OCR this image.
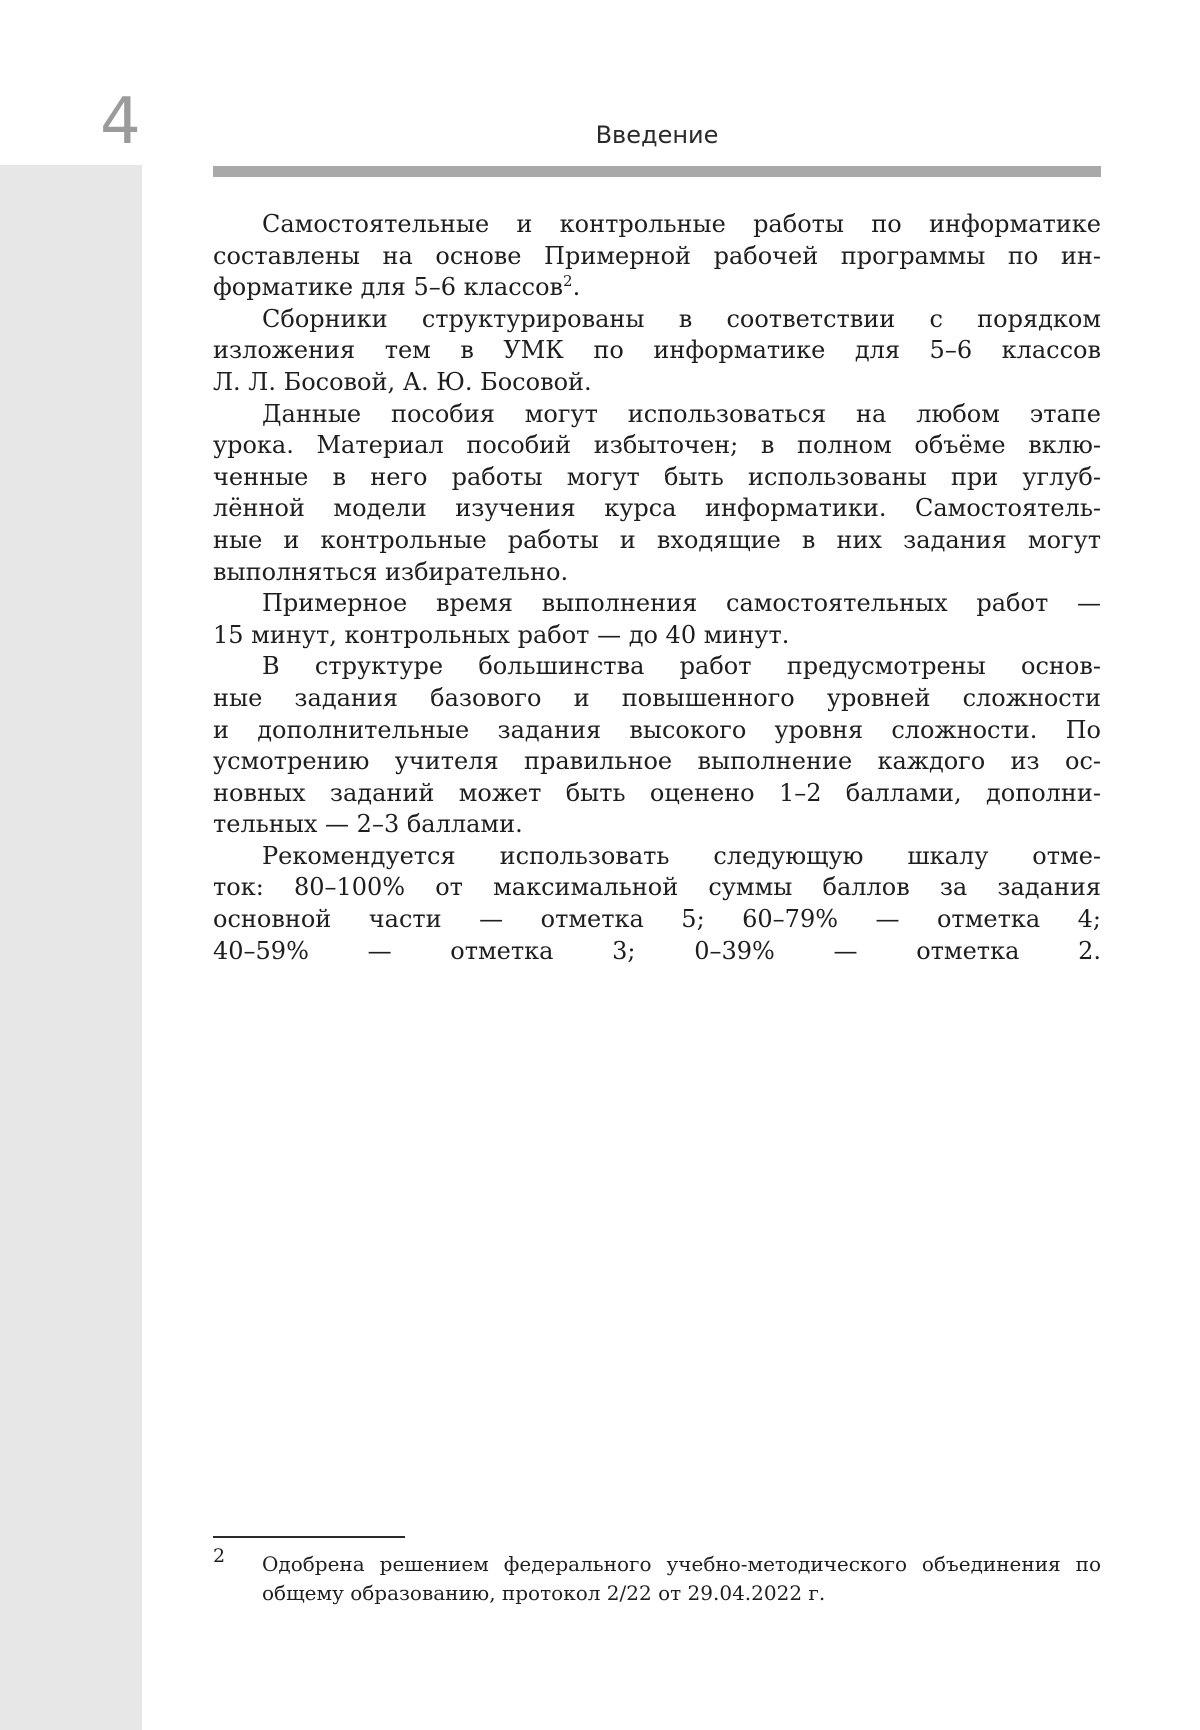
4	Введение

Самостоятельные и контрольные работы по информатике
составлены на основе Примерной рабочей программы по ин-
форматике для 5–6 классов$^2$.

Сборники структурированы в соответствии с порядком
изложения тем в УМК по информатике для 5–6 классов
Л. Л. Босовой, А. Ю. Босовой.

Данные пособия могут использоваться на любом этапе
урока. Материал пособий избыточен; в полном объёме вклю-
ченные в него работы могут быть использованы при углуб-
лённой модели изучения курса информатики. Самостоятель-
ные и контрольные работы и входящие в них задания могут
выполняться избирательно.

Примерное время выполнения самостоятельных работ —
15 минут, контрольных работ — до 40 минут.

В структуре большинства работ предусмотрены основ-
ные задания базового и повышенного уровней сложности
и дополнительные задания высокого уровня сложности. По
усмотрению учителя правильное выполнение каждого из ос-
новных заданий может быть оценено 1–2 баллами, дополни-
тельных — 2–3 баллами.

Рекомендуется использовать следующую шкалу отме-
ток: 80–100% от максимальной суммы баллов за задания
основной части — отметка 5; 60–79% — отметка 4;
40–59% — отметка 3; 0–39% — отметка 2.

2 Одобрена решением федерального учебно-методического объединения по
общему образованию, протокол 2/22 от 29.04.2022 г.
